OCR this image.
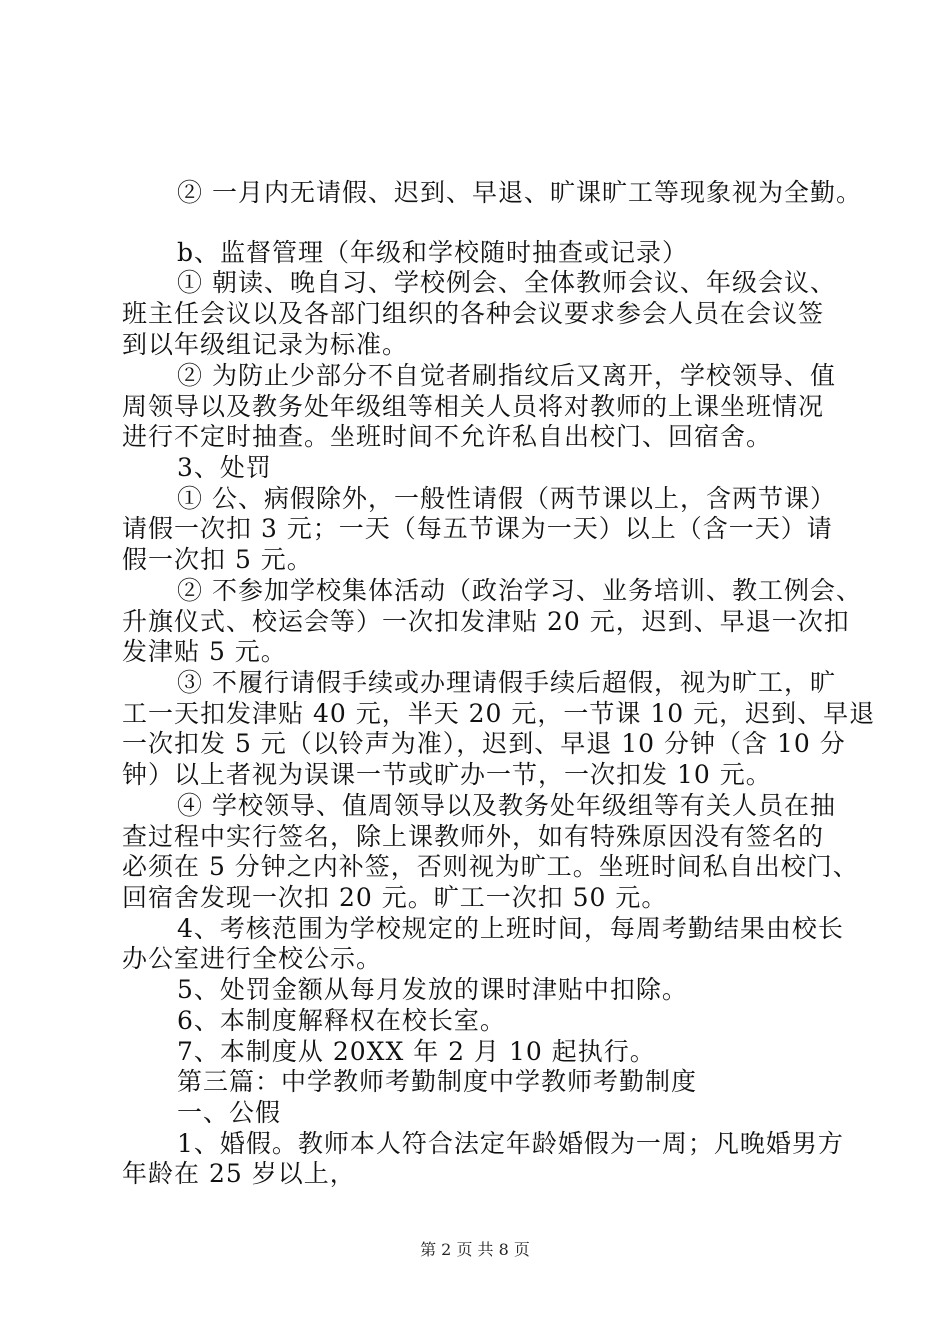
② 一月内无请假、迟到、早退、旷课旷工等现象视为全勤。
b、监督管理（年级和学校随时抽查或记录）
① 朝读、晚自习、学校例会、全体教师会议、年级会议、
班主任会议以及各部门组织的各种会议要求参会人员在会议签
到以年级组记录为标准。
② 为防止少部分不自觉者刷指纹后又离开，学校领导、值
周领导以及教务处年级组等相关人员将对教师的上课坐班情况
进行不定时抽查。坐班时间不允许私自出校门、回宿舍。
3、处罚
① 公、病假除外，一般性请假（两节课以上，含两节课）
请假一次扣 3 元；一天（每五节课为一天）以上（含一天）请
假一次扣 5 元。
② 不参加学校集体活动（政治学习、业务培训、教工例会、
升旗仪式、校运会等）一次扣发津贴 20 元，迟到、早退一次扣
发津贴 5 元。
③ 不履行请假手续或办理请假手续后超假，视为旷工，旷
工一天扣发津贴 40 元，半天 20 元，一节课 10 元，迟到、早退
一次扣发 5 元（以铃声为准），迟到、早退 10 分钟（含 10 分
钟）以上者视为误课一节或旷办一节，一次扣发 10 元。
④ 学校领导、值周领导以及教务处年级组等有关人员在抽
查过程中实行签名，除上课教师外，如有特殊原因没有签名的
必须在 5 分钟之内补签，否则视为旷工。坐班时间私自出校门、
回宿舍发现一次扣 20 元。旷工一次扣 50 元。
4、考核范围为学校规定的上班时间，每周考勤结果由校长
办公室进行全校公示。
5、处罚金额从每月发放的课时津贴中扣除。
6、本制度解释权在校长室。
7、本制度从 20XX 年 2 月 10 起执行。
第三篇：中学教师考勤制度中学教师考勤制度
一、公假
1、婚假。教师本人符合法定年龄婚假为一周；凡晚婚男方
年龄在 25 岁以上，
第 2 页 共 8 页
